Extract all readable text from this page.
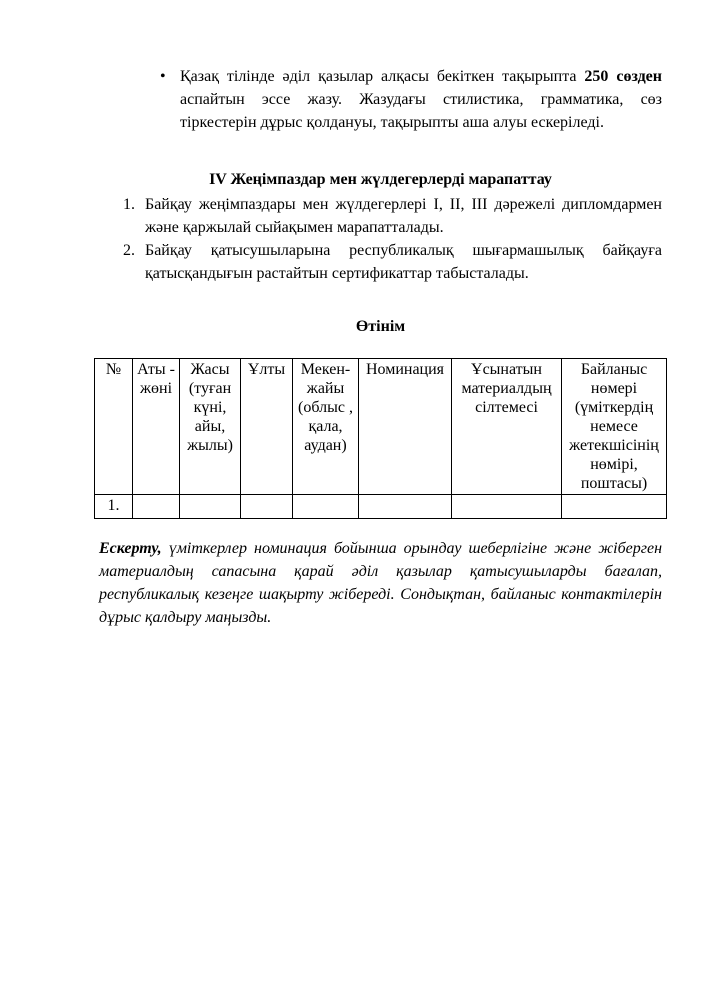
• Қазақ тілінде әділ қазылар алқасы бекіткен тақырыпта 250 сөзден аспайтын эссе жазу. Жазудағы стилистика, грамматика, сөз тіркестерін дұрыс қолдануы, тақырыпты аша алуы ескеріледі.
IV Жеңімпаздар мен жүлдегерлерді марапаттау
1. Байқау жеңімпаздары мен жүлдегерлері I, II, III дәрежелі дипломдармен және қаржылай сыйақымен марапатталады.
2. Байқау қатысушыларына республикалық шығармашылық байқауға қатысқандығын растайтын сертификаттар табысталады.
Өтінім
№	Аты - жөні	Жасы (туған күні, айы, жылы)	Ұлты	Мекен-жайы (облыс , қала, аудан)	Номинация	Ұсынатын материалдың сілтемесі	Байланыс нөмері (үміткердің немесе жетекшісінің нөмірі, поштасы)
1.							
Ескерту, үміткерлер номинация бойынша орындау шеберлігіне және жіберген материалдың сапасына қарай әділ қазылар қатысушыларды бағалап, республикалық кезеңге шақырту жібереді. Сондықтан, байланыс контактілерін дұрыс қалдыру маңызды.
